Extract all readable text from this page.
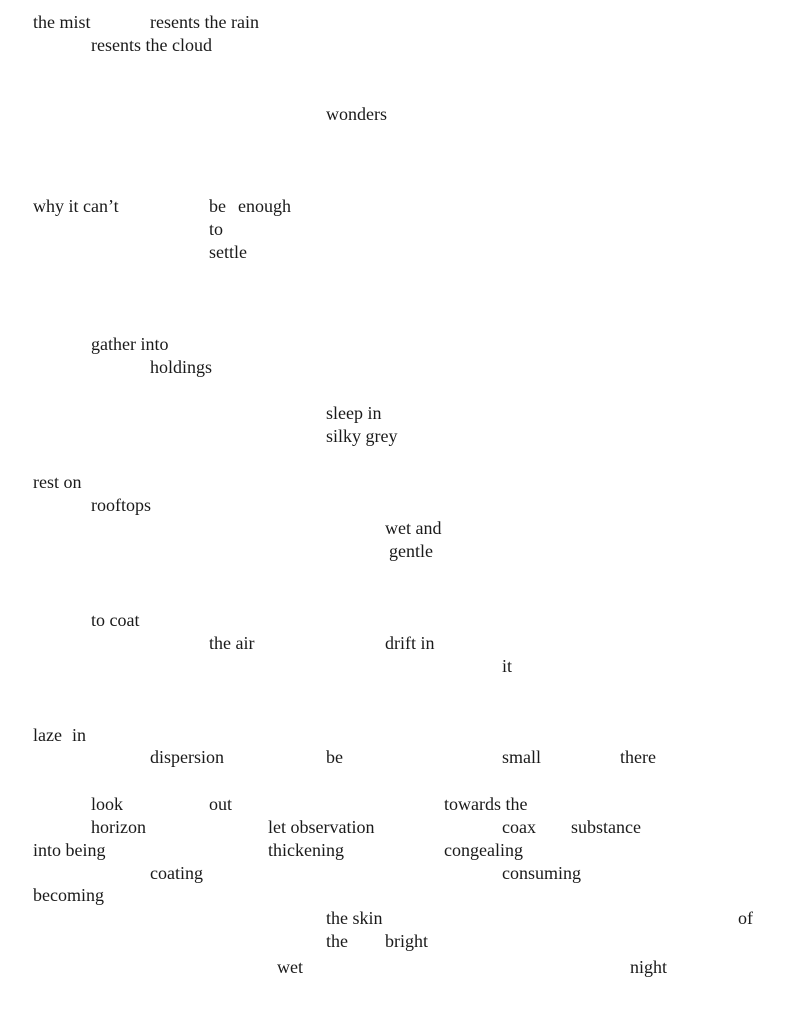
the mist	resents the rain
resents the cloud
wonders
why it can’t	be enough
to
settle
gather into
holdings
sleep in
silky grey
rest on
rooftops
wet and
gentle
to coat
the air	drift in
it
laze in
dispersion	be	small	there
look	out	towards the
horizon	let observation	coax substance
into being	thickening	congealing
coating	consuming
becoming
the skin	of
the bright
wet	night
